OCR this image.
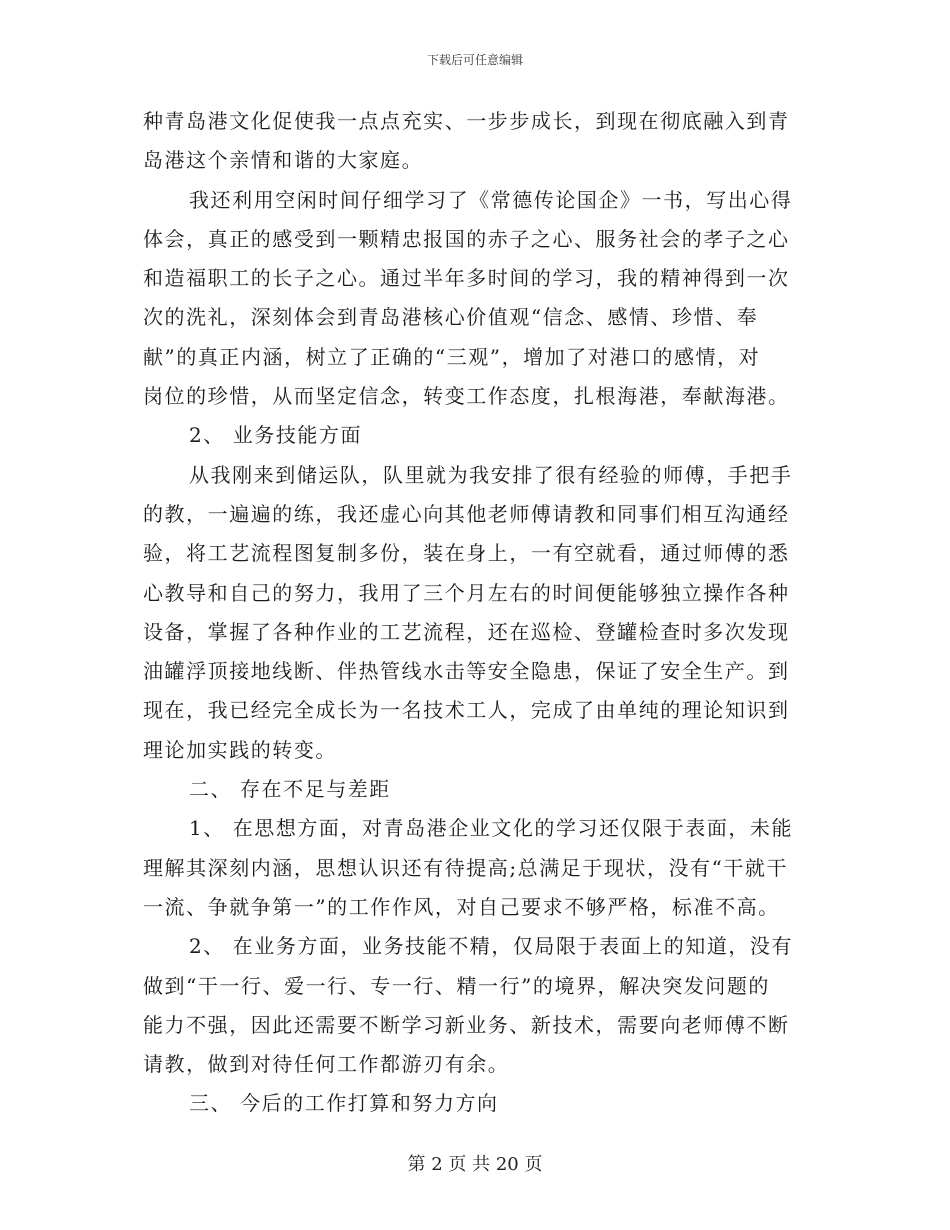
下载后可任意编辑
种青岛港文化促使我一点点充实、一步步成长，到现在彻底融入到青
岛港这个亲情和谐的大家庭。
我还利用空闲时间仔细学习了《常德传论国企》一书，写出心得
体会，真正的感受到一颗精忠报国的赤子之心、服务社会的孝子之心
和造福职工的长子之心。通过半年多时间的学习，我的精神得到一次
次的洗礼，深刻体会到青岛港核心价值观“信念、感情、珍惜、奉
献”的真正内涵，树立了正确的“三观”，增加了对港口的感情，对
岗位的珍惜，从而坚定信念，转变工作态度，扎根海港，奉献海港。
2、 业务技能方面
从我刚来到储运队，队里就为我安排了很有经验的师傅，手把手
的教，一遍遍的练，我还虚心向其他老师傅请教和同事们相互沟通经
验，将工艺流程图复制多份，装在身上，一有空就看，通过师傅的悉
心教导和自己的努力，我用了三个月左右的时间便能够独立操作各种
设备，掌握了各种作业的工艺流程，还在巡检、登罐检查时多次发现
油罐浮顶接地线断、伴热管线水击等安全隐患，保证了安全生产。到
现在，我已经完全成长为一名技术工人，完成了由单纯的理论知识到
理论加实践的转变。
二、 存在不足与差距
1、 在思想方面，对青岛港企业文化的学习还仅限于表面，未能
理解其深刻内涵，思想认识还有待提高;总满足于现状，没有“干就干
一流、争就争第一”的工作作风，对自己要求不够严格，标准不高。
2、 在业务方面，业务技能不精，仅局限于表面上的知道，没有
做到“干一行、爱一行、专一行、精一行”的境界，解决突发问题的
能力不强，因此还需要不断学习新业务、新技术，需要向老师傅不断
请教，做到对待任何工作都游刃有余。
三、 今后的工作打算和努力方向
第 2 页 共 20 页
